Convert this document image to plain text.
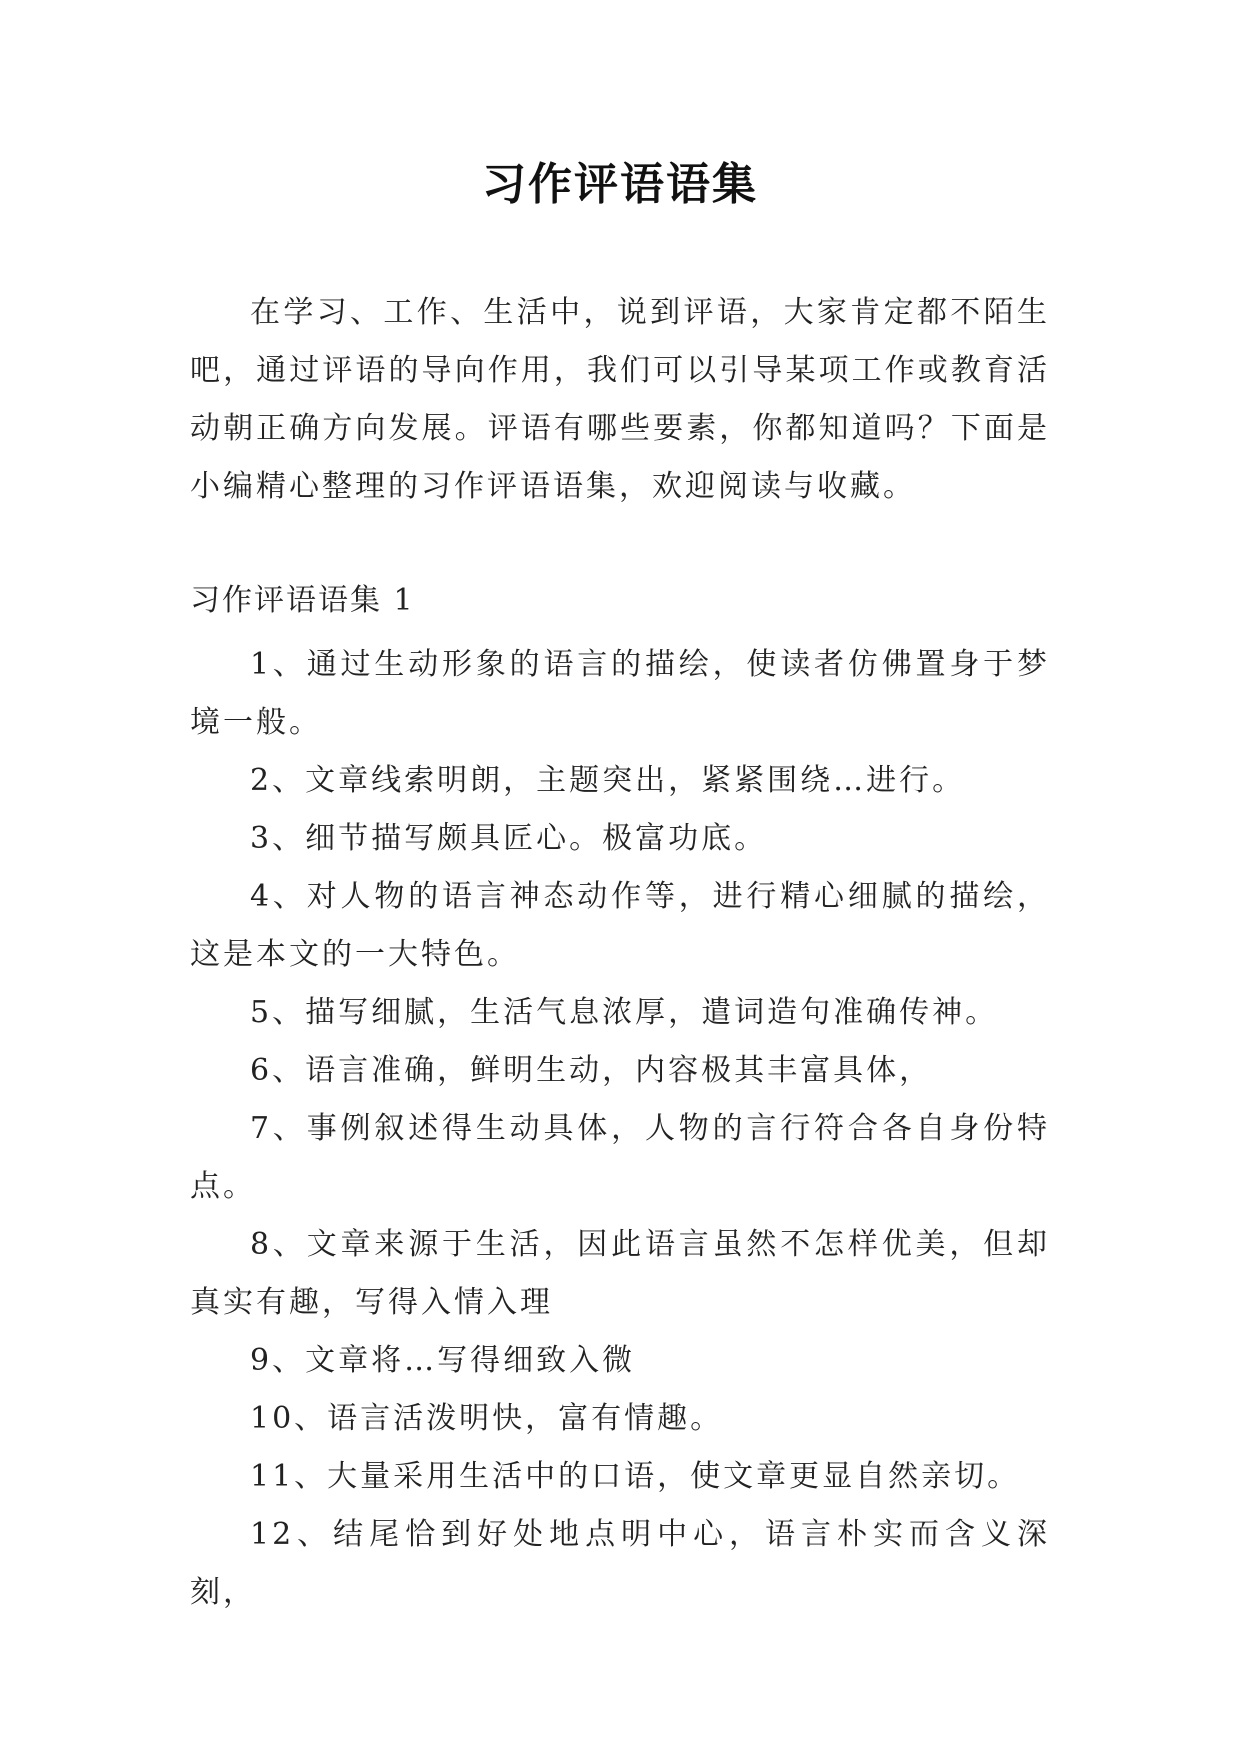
习作评语语集

在学习、工作、生活中，说到评语，大家肯定都不陌生吧，通过评语的导向作用，我们可以引导某项工作或教育活动朝正确方向发展。评语有哪些要素，你都知道吗？下面是小编精心整理的习作评语语集，欢迎阅读与收藏。

习作评语语集 1
1、通过生动形象的语言的描绘，使读者仿佛置身于梦境一般。
2、文章线索明朗，主题突出，紧紧围绕…进行。
3、细节描写颇具匠心。极富功底。
4、对人物的语言神态动作等，进行精心细腻的描绘，这是本文的一大特色。
5、描写细腻，生活气息浓厚，遣词造句准确传神。
6、语言准确，鲜明生动，内容极其丰富具体，
7、事例叙述得生动具体，人物的言行符合各自身份特点。
8、文章来源于生活，因此语言虽然不怎样优美，但却真实有趣，写得入情入理
9、文章将…写得细致入微
10、语言活泼明快，富有情趣。
11、大量采用生活中的口语，使文章更显自然亲切。
12、结尾恰到好处地点明中心，语言朴实而含义深刻，
